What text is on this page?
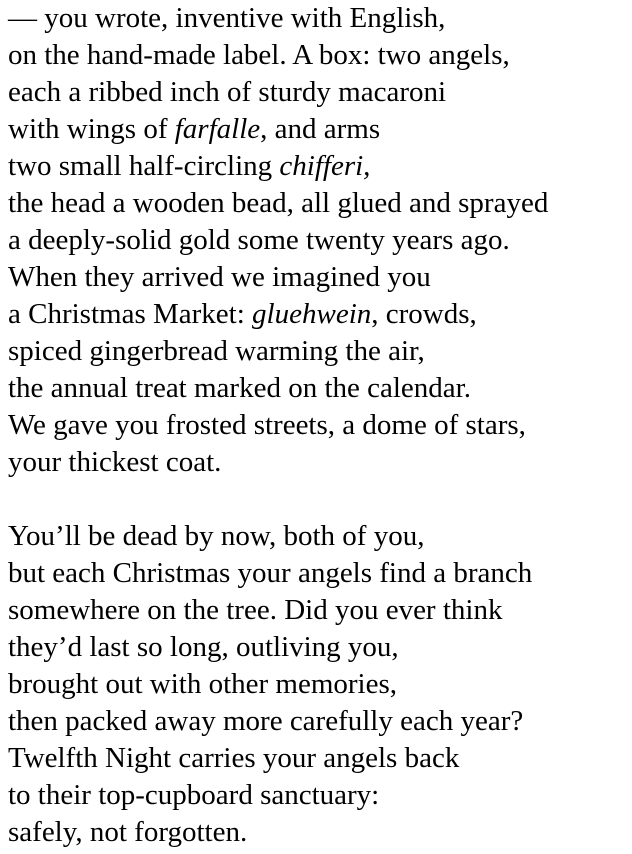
— you wrote, inventive with English,
on the hand-made label. A box: two angels,
each a ribbed inch of sturdy macaroni
with wings of farfalle, and arms
two small half-circling chifferi,
the head a wooden bead, all glued and sprayed
a deeply-solid gold some twenty years ago.
When they arrived we imagined you
a Christmas Market: gluehwein, crowds,
spiced gingerbread warming the air,
the annual treat marked on the calendar.
We gave you frosted streets, a dome of stars,
your thickest coat.
You’ll be dead by now, both of you,
but each Christmas your angels find a branch
somewhere on the tree. Did you ever think
they’d last so long, outliving you,
brought out with other memories,
then packed away more carefully each year?
Twelfth Night carries your angels back
to their top-cupboard sanctuary:
safely, not forgotten.
